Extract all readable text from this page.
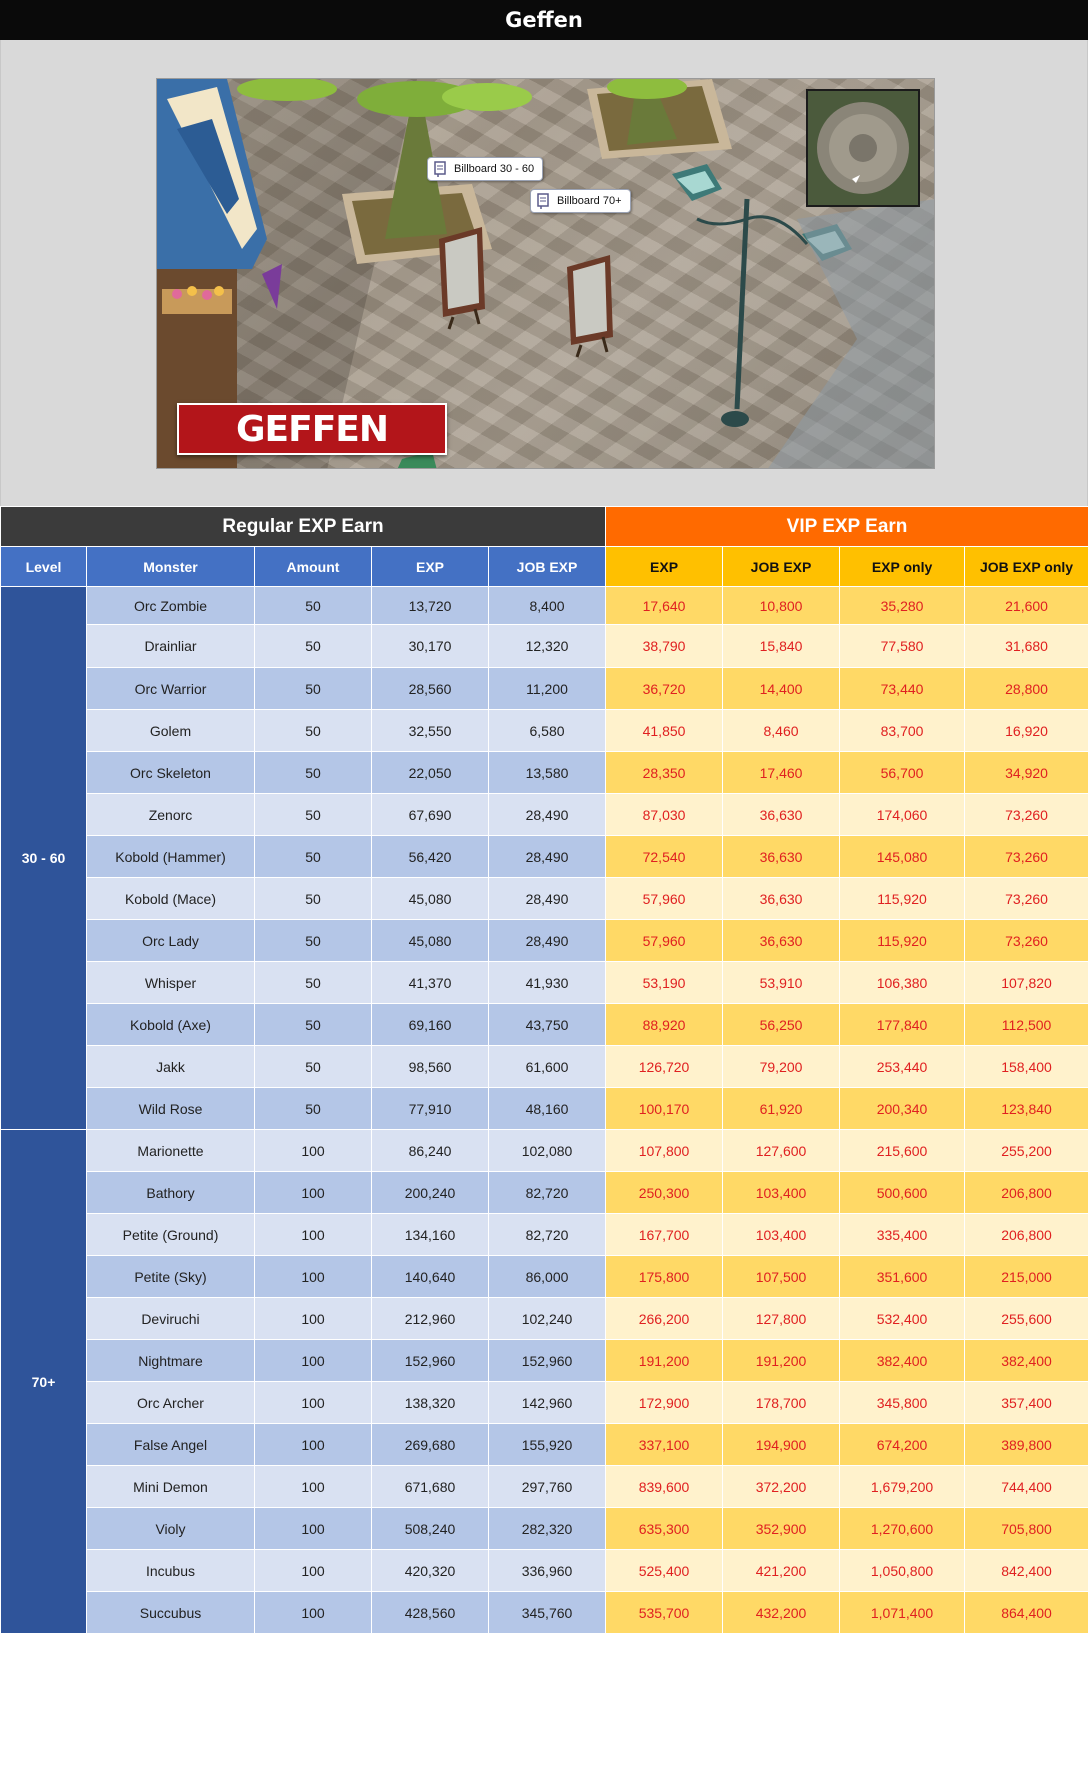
Geffen
Billboard 30 - 60
Billboard 70+
GEFFEN
Regular EXP Earn					VIP EXP Earn			
Level	Monster	Amount	EXP	JOB EXP	EXP	JOB EXP	EXP only	JOB EXP only
30 - 60	Orc Zombie	50	13,720	8,400	17,640	10,800	35,280	21,600
	Drainliar	50	30,170	12,320	38,790	15,840	77,580	31,680
	Orc Warrior	50	28,560	11,200	36,720	14,400	73,440	28,800
	Golem	50	32,550	6,580	41,850	8,460	83,700	16,920
	Orc Skeleton	50	22,050	13,580	28,350	17,460	56,700	34,920
	Zenorc	50	67,690	28,490	87,030	36,630	174,060	73,260
	Kobold (Hammer)	50	56,420	28,490	72,540	36,630	145,080	73,260
	Kobold (Mace)	50	45,080	28,490	57,960	36,630	115,920	73,260
	Orc Lady	50	45,080	28,490	57,960	36,630	115,920	73,260
	Whisper	50	41,370	41,930	53,190	53,910	106,380	107,820
	Kobold (Axe)	50	69,160	43,750	88,920	56,250	177,840	112,500
	Jakk	50	98,560	61,600	126,720	79,200	253,440	158,400
	Wild Rose	50	77,910	48,160	100,170	61,920	200,340	123,840
70+	Marionette	100	86,240	102,080	107,800	127,600	215,600	255,200
	Bathory	100	200,240	82,720	250,300	103,400	500,600	206,800
	Petite (Ground)	100	134,160	82,720	167,700	103,400	335,400	206,800
	Petite (Sky)	100	140,640	86,000	175,800	107,500	351,600	215,000
	Deviruchi	100	212,960	102,240	266,200	127,800	532,400	255,600
	Nightmare	100	152,960	152,960	191,200	191,200	382,400	382,400
	Orc Archer	100	138,320	142,960	172,900	178,700	345,800	357,400
	False Angel	100	269,680	155,920	337,100	194,900	674,200	389,800
	Mini Demon	100	671,680	297,760	839,600	372,200	1,679,200	744,400
	Violy	100	508,240	282,320	635,300	352,900	1,270,600	705,800
	Incubus	100	420,320	336,960	525,400	421,200	1,050,800	842,400
	Succubus	100	428,560	345,760	535,700	432,200	1,071,400	864,400
